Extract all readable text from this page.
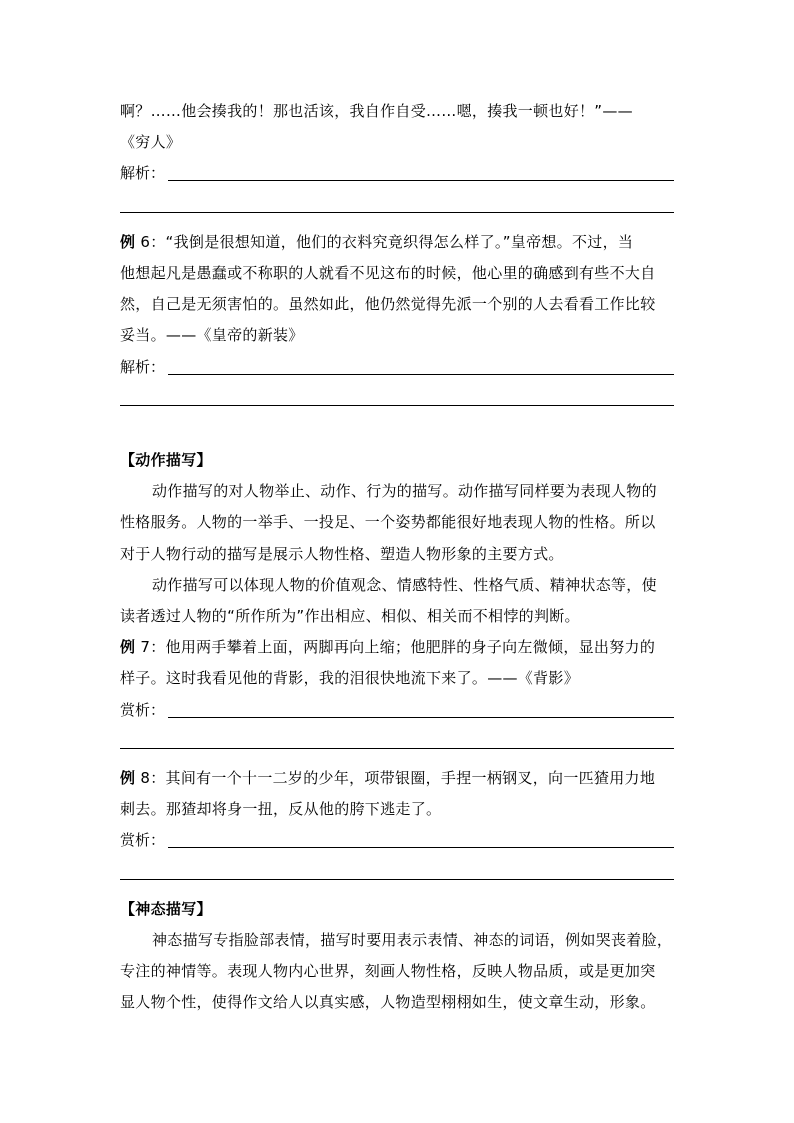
啊？……他会揍我的！那也活该，我自作自受……嗯，揍我一顿也好！”——
《穷人》
解析：
例 6：“我倒是很想知道，他们的衣料究竟织得怎么样了。”皇帝想。不过，当
他想起凡是愚蠢或不称职的人就看不见这布的时候，他心里的确感到有些不大自
然，自己是无须害怕的。虽然如此，他仍然觉得先派一个别的人去看看工作比较
妥当。——《皇帝的新装》
解析：
【动作描写】
动作描写的对人物举止、动作、行为的描写。动作描写同样要为表现人物的
性格服务。人物的一举手、一投足、一个姿势都能很好地表现人物的性格。所以
对于人物行动的描写是展示人物性格、塑造人物形象的主要方式。
动作描写可以体现人物的价值观念、情感特性、性格气质、精神状态等，使
读者透过人物的“所作所为”作出相应、相似、相关而不相悖的判断。
例 7：他用两手攀着上面，两脚再向上缩；他肥胖的身子向左微倾，显出努力的
样子。这时我看见他的背影，我的泪很快地流下来了。——《背影》
赏析：
例 8：其间有一个十一二岁的少年，项带银圈，手捏一柄钢叉，向一匹猹用力地
刺去。那猹却将身一扭，反从他的胯下逃走了。
赏析：
【神态描写】
神态描写专指脸部表情，描写时要用表示表情、神态的词语，例如哭丧着脸，
专注的神情等。表现人物内心世界，刻画人物性格，反映人物品质，或是更加突
显人物个性，使得作文给人以真实感，人物造型栩栩如生，使文章生动，形象。
